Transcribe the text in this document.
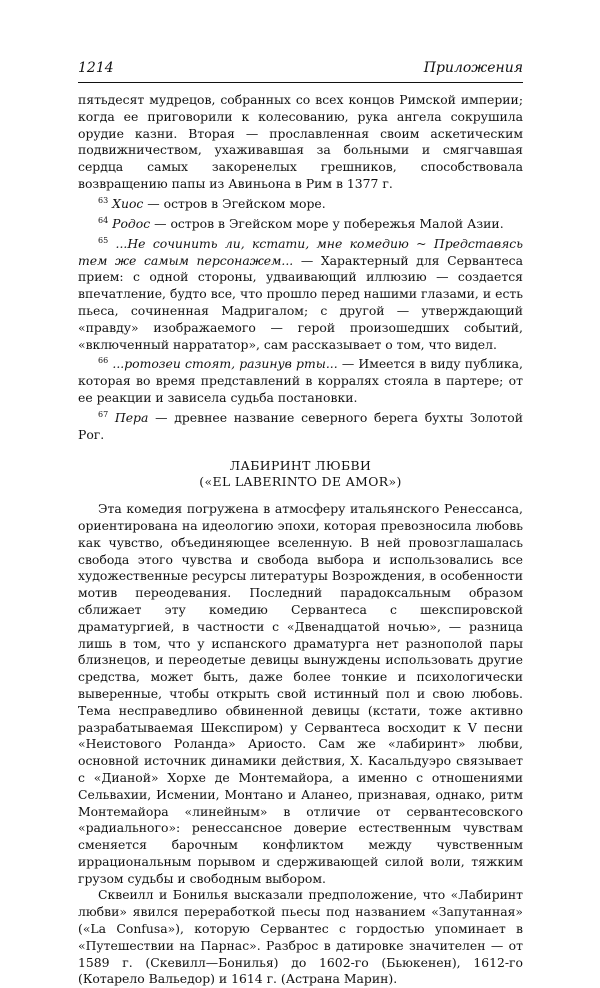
1214	Приложения

пятьдесят мудрецов, собранных со всех концов Римской империи; когда ее приговорили к колесованию, рука ангела сокрушила орудие казни. Вторая — прославленная своим аскетическим подвижничеством, ухаживавшая за больными и смягчавшая сердца самых закоренелых грешников, способствовала возвращению папы из Авиньона в Рим в 1377 г.

$^{63}$ Хиос — остров в Эгейском море.

$^{64}$ Родос — остров в Эгейском море у побережья Малой Азии.

$^{65}$ ...Не сочинить ли, кстати, мне комедию ~ Представясь тем же самым персонажем... — Характерный для Сервантеса прием: с одной стороны, удваивающий иллюзию — создается впечатление, будто все, что прошло перед нашими глазами, и есть пьеса, сочиненная Мадригалом; с другой — утверждающий «правду» изображаемого — герой произошедших событий, «включенный наррататор», сам рассказывает о том, что видел.

$^{66}$ ...ротозеи стоят, разинув рты... — Имеется в виду публика, которая во время представлений в корралях стояла в партере; от ее реакции и зависела судьба постановки.

$^{67}$ Пера — древнее название северного берега бухты Золотой Рог.

ЛАБИРИНТ ЛЮБВИ

(«EL LABERINTO DE AMOR»)

Эта комедия погружена в атмосферу итальянского Ренессанса, ориентирована на идеологию эпохи, которая превозносила любовь как чувство, объединяющее вселенную. В ней провозглашалась свобода этого чувства и свобода выбора и использовались все художественные ресурсы литературы Возрождения, в особенности мотив переодевания. Последний парадоксальным образом сближает эту комедию Сервантеса с шекспировской драматургией, в частности с «Двенадцатой ночью», — разница лишь в том, что у испанского драматурга нет разнополой пары близнецов, и переодетые девицы вынуждены использовать другие средства, может быть, даже более тонкие и психологически выверенные, чтобы открыть свой истинный пол и свою любовь. Тема несправедливо обвиненной девицы (кстати, тоже активно разрабатываемая Шекспиром) у Сервантеса восходит к V песни «Неистового Роланда» Ариосто. Сам же «лабиринт» любви, основной источник динамики действия, Х. Касальдуэро связывает с «Дианой» Хорхе де Монтемайора, а именно с отношениями Сельвахии, Исмении, Монтано и Аланео, признавая, однако, ритм Монтемайора «линейным» в отличие от сервантесовского «радиального»: ренессансное доверие естественным чувствам сменяется барочным конфликтом между чувственным иррациональным порывом и сдерживающей силой воли, тяжким грузом судьбы и свободным выбором.

Сквеилл и Бонилья высказали предположение, что «Лабиринт любви» явился переработкой пьесы под названием «Запутанная» («La Confusa»), которую Сервантес с гордостью упоминает в «Путешествии на Парнас». Разброс в датировке значителен — от 1589 г. (Скевилл—Бонилья) до 1602-го (Бьюкенен), 1612-го (Котарело Вальедор) и 1614 г. (Астрана Марин).
